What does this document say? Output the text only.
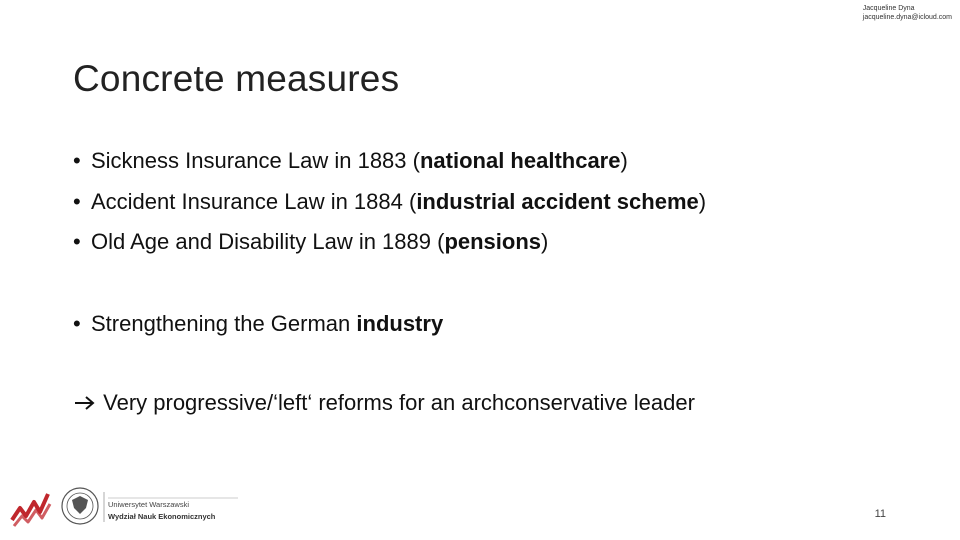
Jacqueline Dyna
jacqueline.dyna@icloud.com
Concrete measures
• Sickness Insurance Law in 1883 (national healthcare)
• Accident Insurance Law in 1884 (industrial accident scheme)
• Old Age and Disability Law in 1889 (pensions)
• Strengthening the German industry
Very progressive/‘left‘ reforms for an archconservative leader
Uniwersytet Warszawski
Wydział Nauk Ekonomicznych	11
